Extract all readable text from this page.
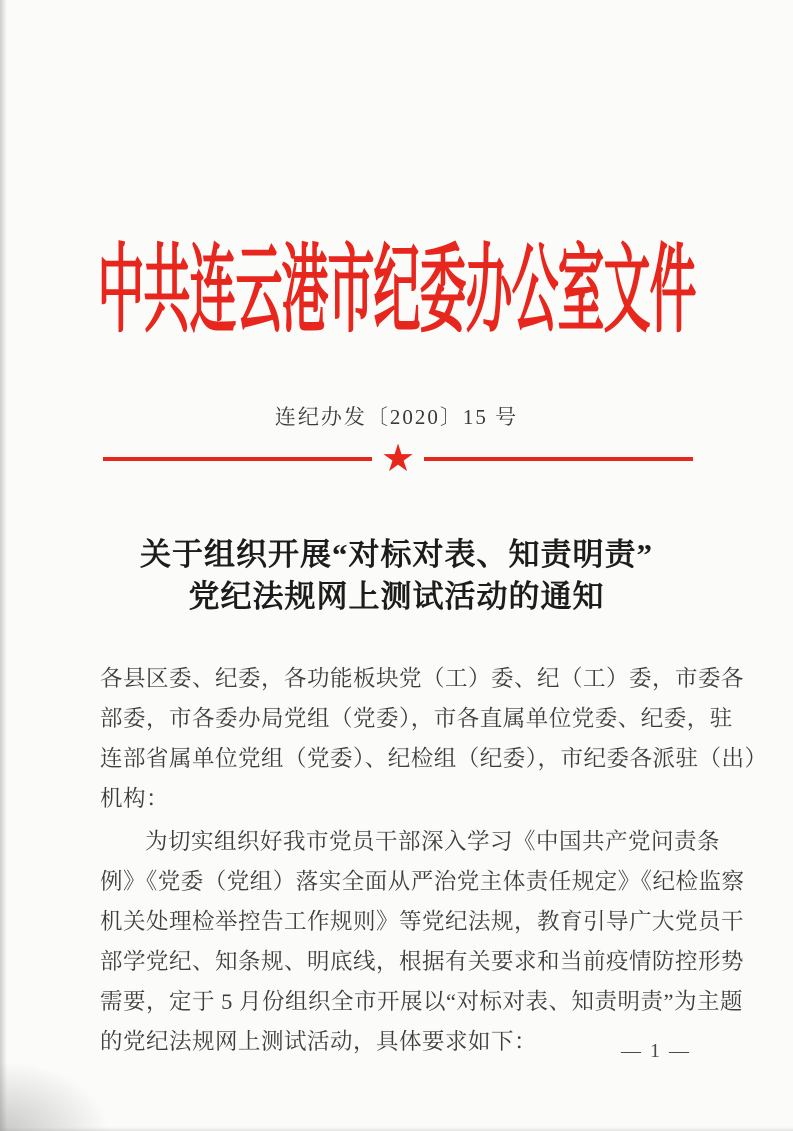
中共连云港市纪委办公室文件
连纪办发〔2020〕15 号
★
关于组织开展“对标对表、知责明责”
党纪法规网上测试活动的通知
各县区委、纪委，各功能板块党（工）委、纪（工）委，市委各
部委，市各委办局党组（党委），市各直属单位党委、纪委，驻
连部省属单位党组（党委）、纪检组（纪委），市纪委各派驻（出）
机构：
为切实组织好我市党员干部深入学习《中国共产党问责条
例》《党委（党组）落实全面从严治党主体责任规定》《纪检监察
机关处理检举控告工作规则》等党纪法规，教育引导广大党员干
部学党纪、知条规、明底线，根据有关要求和当前疫情防控形势
需要，定于 5 月份组织全市开展以“对标对表、知责明责”为主题
的党纪法规网上测试活动，具体要求如下：	— 1 —
